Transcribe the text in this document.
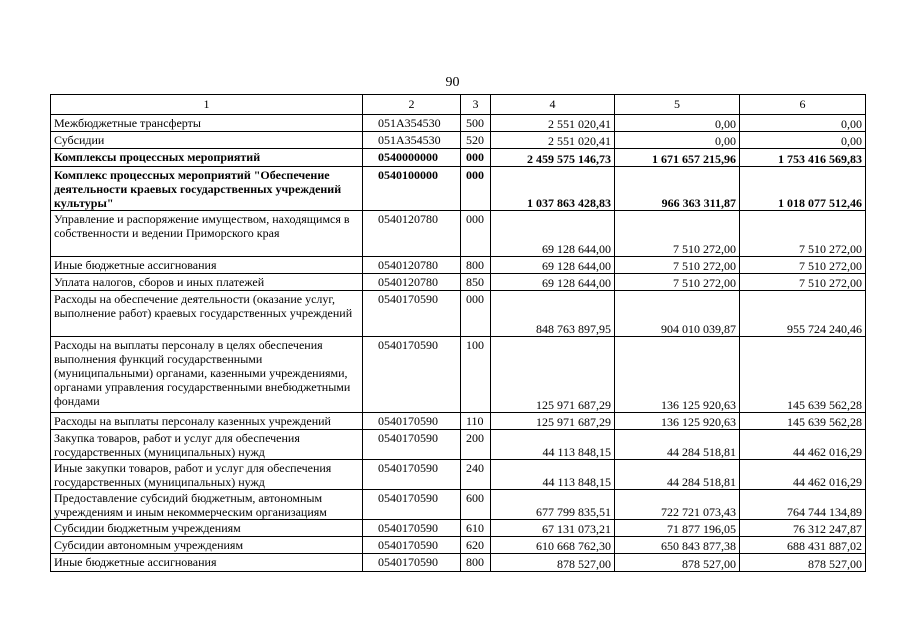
90
1	2	3	4	5	6
Межбюджетные трансферты	051A354530	500	2 551 020,41	0,00	0,00
Субсидии	051A354530	520	2 551 020,41	0,00	0,00
Комплексы процессных мероприятий	0540000000	000	2 459 575 146,73	1 671 657 215,96	1 753 416 569,83
Комплекс процессных мероприятий "Обеспечение деятельности краевых государственных учреждений культуры"	0540100000	000	1 037 863 428,83	966 363 311,87	1 018 077 512,46
Управление и распоряжение имуществом, находящимся в собственности и ведении Приморского края	0540120780	000	69 128 644,00	7 510 272,00	7 510 272,00
Иные бюджетные ассигнования	0540120780	800	69 128 644,00	7 510 272,00	7 510 272,00
Уплата налогов, сборов и иных платежей	0540120780	850	69 128 644,00	7 510 272,00	7 510 272,00
Расходы на обеспечение деятельности (оказание услуг, выполнение работ) краевых государственных учреждений	0540170590	000	848 763 897,95	904 010 039,87	955 724 240,46
Расходы на выплаты персоналу в целях обеспечения выполнения функций государственными (муниципальными) органами, казенными учреждениями, органами управления государственными внебюджетными фондами	0540170590	100	125 971 687,29	136 125 920,63	145 639 562,28
Расходы на выплаты персоналу казенных учреждений	0540170590	110	125 971 687,29	136 125 920,63	145 639 562,28
Закупка товаров, работ и услуг для обеспечения государственных (муниципальных) нужд	0540170590	200	44 113 848,15	44 284 518,81	44 462 016,29
Иные закупки товаров, работ и услуг для обеспечения государственных (муниципальных) нужд	0540170590	240	44 113 848,15	44 284 518,81	44 462 016,29
Предоставление субсидий бюджетным, автономным учреждениям и иным некоммерческим организациям	0540170590	600	677 799 835,51	722 721 073,43	764 744 134,89
Субсидии бюджетным учреждениям	0540170590	610	67 131 073,21	71 877 196,05	76 312 247,87
Субсидии автономным учреждениям	0540170590	620	610 668 762,30	650 843 877,38	688 431 887,02
Иные бюджетные ассигнования	0540170590	800	878 527,00	878 527,00	878 527,00
